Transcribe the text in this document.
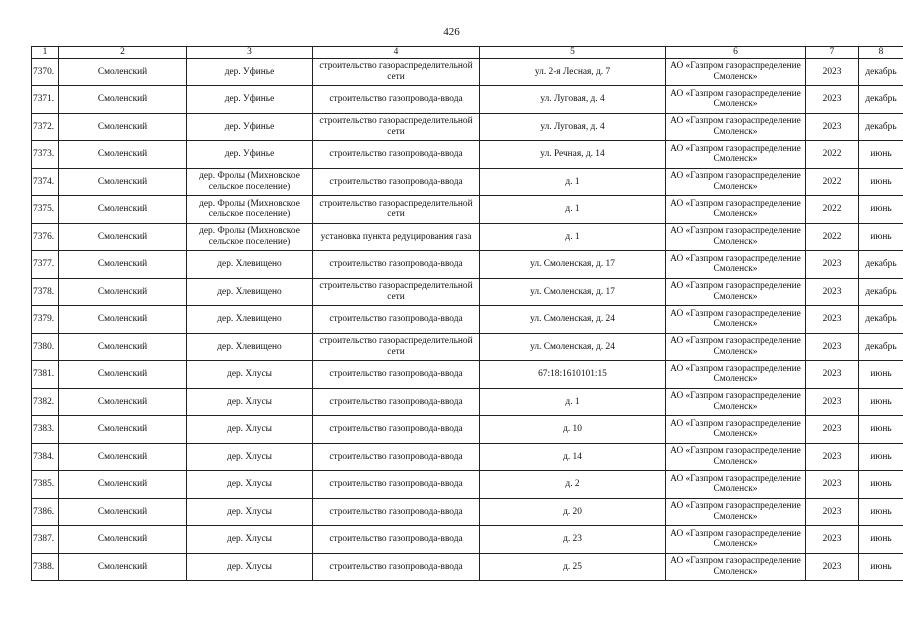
426
1	2	3	4	5	6	7	8
7370.	Смоленский	дер. Уфинье	строительство газораспределительной сети	ул. 2-я Лесная, д. 7	АО «Газпром газораспределение Смоленск»	2023	декабрь
7371.	Смоленский	дер. Уфинье	строительство газопровода-ввода	ул. Луговая, д. 4	АО «Газпром газораспределение Смоленск»	2023	декабрь
7372.	Смоленский	дер. Уфинье	строительство газораспределительной сети	ул. Луговая, д. 4	АО «Газпром газораспределение Смоленск»	2023	декабрь
7373.	Смоленский	дер. Уфинье	строительство газопровода-ввода	ул. Речная, д. 14	АО «Газпром газораспределение Смоленск»	2022	июнь
7374.	Смоленский	дер. Фролы (Михновское сельское поселение)	строительство газопровода-ввода	д. 1	АО «Газпром газораспределение Смоленск»	2022	июнь
7375.	Смоленский	дер. Фролы (Михновское сельское поселение)	строительство газораспределительной сети	д. 1	АО «Газпром газораспределение Смоленск»	2022	июнь
7376.	Смоленский	дер. Фролы (Михновское сельское поселение)	установка пункта редуцирования газа	д. 1	АО «Газпром газораспределение Смоленск»	2022	июнь
7377.	Смоленский	дер. Хлевищено	строительство газопровода-ввода	ул. Смоленская, д. 17	АО «Газпром газораспределение Смоленск»	2023	декабрь
7378.	Смоленский	дер. Хлевищено	строительство газораспределительной сети	ул. Смоленская, д. 17	АО «Газпром газораспределение Смоленск»	2023	декабрь
7379.	Смоленский	дер. Хлевищено	строительство газопровода-ввода	ул. Смоленская, д. 24	АО «Газпром газораспределение Смоленск»	2023	декабрь
7380.	Смоленский	дер. Хлевищено	строительство газораспределительной сети	ул. Смоленская, д. 24	АО «Газпром газораспределение Смоленск»	2023	декабрь
7381.	Смоленский	дер. Хлусы	строительство газопровода-ввода	67:18:1610101:15	АО «Газпром газораспределение Смоленск»	2023	июнь
7382.	Смоленский	дер. Хлусы	строительство газопровода-ввода	д. 1	АО «Газпром газораспределение Смоленск»	2023	июнь
7383.	Смоленский	дер. Хлусы	строительство газопровода-ввода	д. 10	АО «Газпром газораспределение Смоленск»	2023	июнь
7384.	Смоленский	дер. Хлусы	строительство газопровода-ввода	д. 14	АО «Газпром газораспределение Смоленск»	2023	июнь
7385.	Смоленский	дер. Хлусы	строительство газопровода-ввода	д. 2	АО «Газпром газораспределение Смоленск»	2023	июнь
7386.	Смоленский	дер. Хлусы	строительство газопровода-ввода	д. 20	АО «Газпром газораспределение Смоленск»	2023	июнь
7387.	Смоленский	дер. Хлусы	строительство газопровода-ввода	д. 23	АО «Газпром газораспределение Смоленск»	2023	июнь
7388.	Смоленский	дер. Хлусы	строительство газопровода-ввода	д. 25	АО «Газпром газораспределение Смоленск»	2023	июнь
